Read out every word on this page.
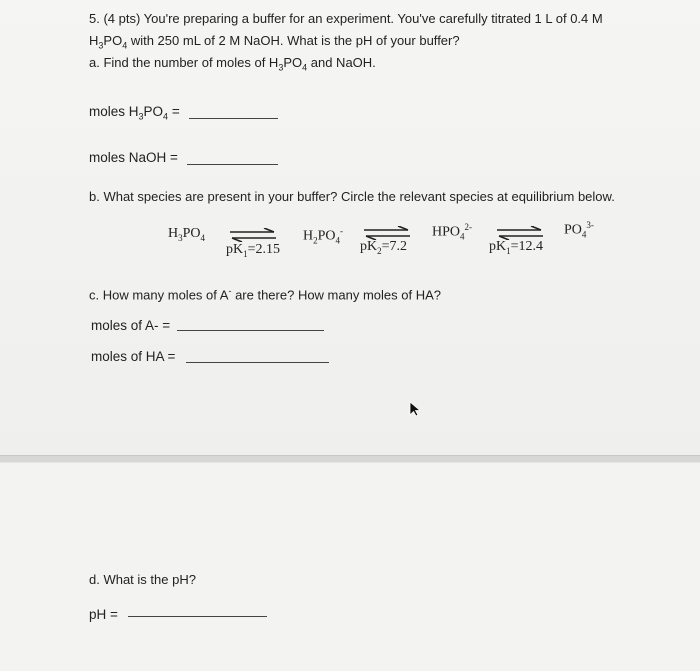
5. (4 pts) You're preparing a buffer for an experiment. You've carefully titrated 1 L of 0.4 M
$H_3PO_4$ with 250 mL of 2 M NaOH. What is the pH of your buffer?
a. Find the number of moles of $H_3PO_4$ and NaOH.
moles $H_3PO_4$ =
moles NaOH =
b. What species are present in your buffer? Circle the relevant species at equilibrium below.
$H_3PO_4$	$H_2PO_4^-$	$HPO_4^{2-}$	$PO_4^{3-}$
$pK_1=2.15$	$pK_2=7.2$	$pK_1=12.4$
c. How many moles of A- are there? How many moles of HA?
moles of A- =
moles of HA =
d. What is the pH?
pH =
